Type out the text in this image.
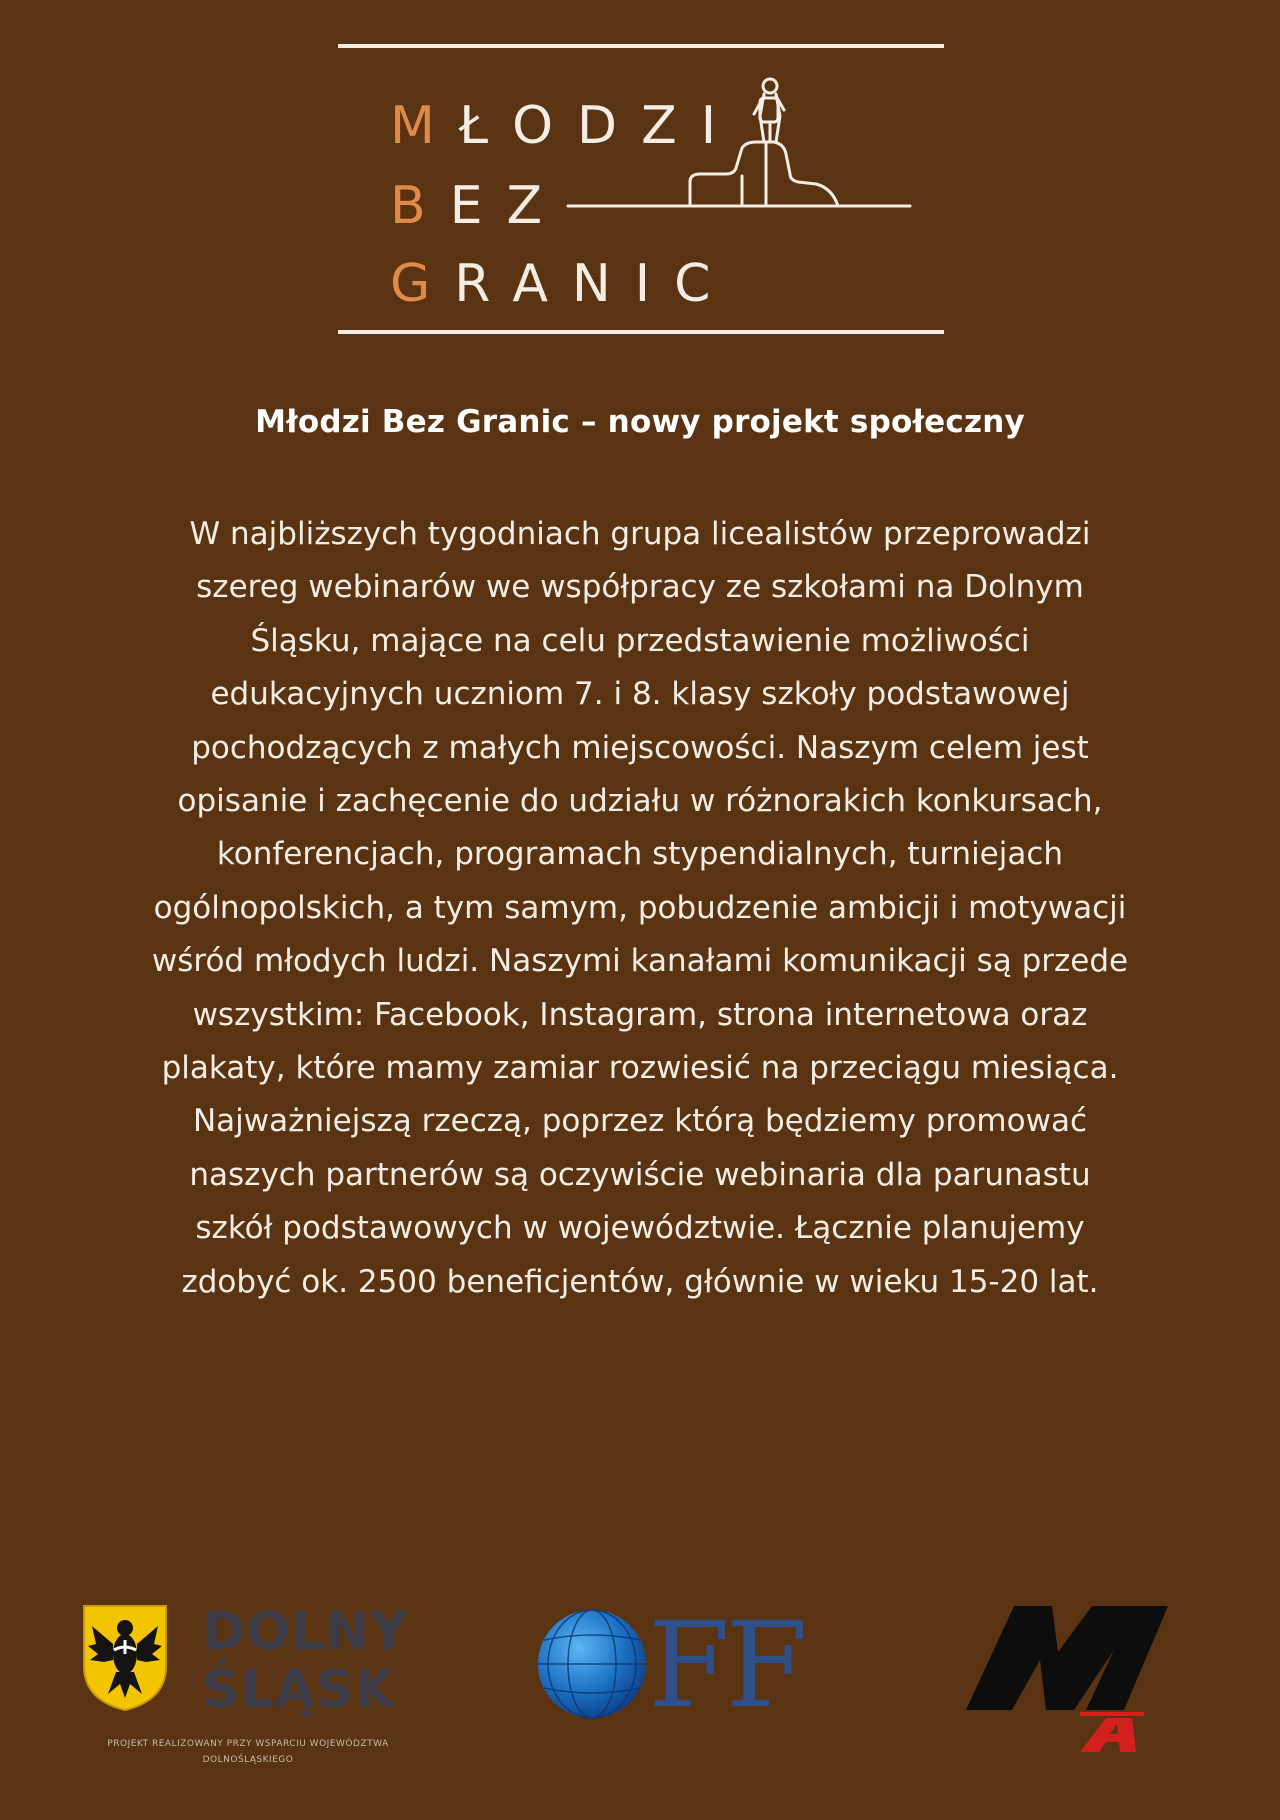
MŁODZI
BEZ
GRANIC
Młodzi Bez Granic – nowy projekt społeczny
W najbliższych tygodniach grupa licealistów przeprowadzi szereg webinarów we współpracy ze szkołami na Dolnym Śląsku, mające na celu przedstawienie możliwości edukacyjnych uczniom 7. i 8. klasy szkoły podstawowej pochodzących z małych miejscowości. Naszym celem jest opisanie i zachęcenie do udziału w różnorakich konkursach, konferencjach, programach stypendialnych, turniejach ogólnopolskich, a tym samym, pobudzenie ambicji i motywacji wśród młodych ludzi. Naszymi kanałami komunikacji są przede wszystkim: Facebook, Instagram, strona internetowa oraz plakaty, które mamy zamiar rozwiesić na przeciągu miesiąca. Najważniejszą rzeczą, poprzez którą będziemy promować naszych partnerów są oczywiście webinaria dla parunastu szkół podstawowych w województwie. Łącznie planujemy zdobyć ok. 2500 beneficjentów, głównie w wieku 15-20 lat.
DOLNY
ŚLĄSK
PROJEKT REALIZOWANY PRZY WSPARCIU WOJEWÓDZTWA
DOLNOŚLĄSKIEGO
FF
